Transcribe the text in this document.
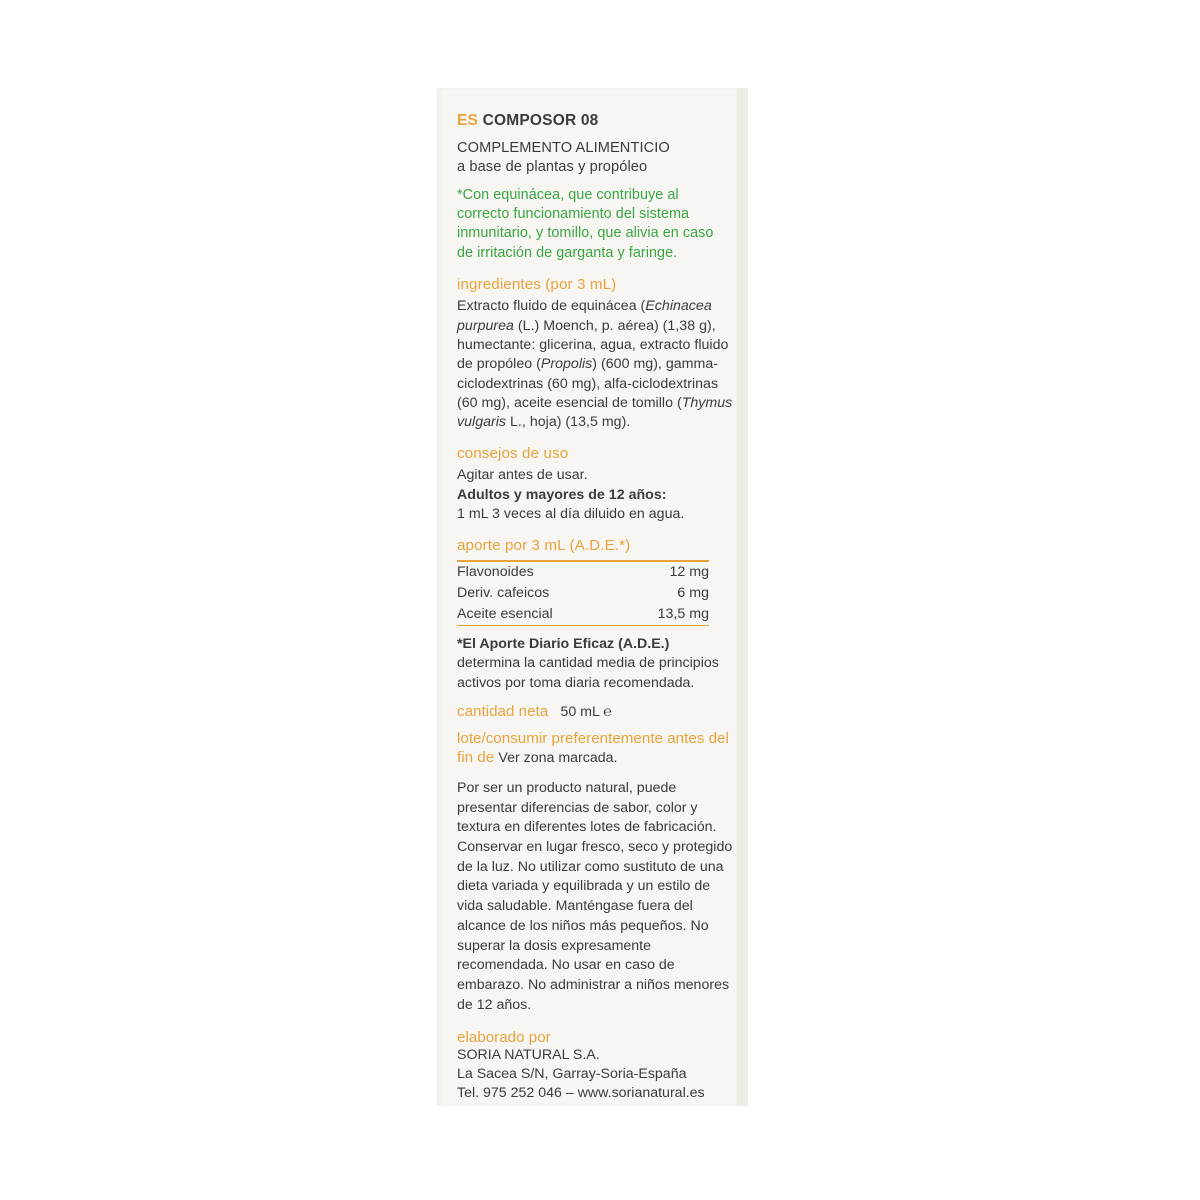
ES COMPOSOR 08
COMPLEMENTO ALIMENTICIO
a base de plantas y propóleo
*Con equinácea, que contribuye al correcto funcionamiento del sistema inmunitario, y tomillo, que alivia en caso de irritación de garganta y faringe.
ingredientes (por 3 mL)
Extracto fluido de equinácea (Echinacea purpurea (L.) Moench, p. aérea) (1,38 g), humectante: glicerina, agua, extracto fluido de propóleo (Propolis) (600 mg), gamma-ciclodextrinas (60 mg), alfa-ciclodextrinas (60 mg), aceite esencial de tomillo (Thymus vulgaris L., hoja) (13,5 mg).
consejos de uso
Agitar antes de usar.
Adultos y mayores de 12 años:
1 mL 3 veces al día diluido en agua.
aporte por 3 mL (A.D.E.*)
Flavonoides	12 mg
Deriv. cafeicos	6 mg
Aceite esencial	13,5 mg
*El Aporte Diario Eficaz (A.D.E.) determina la cantidad media de principios activos por toma diaria recomendada.
cantidad neta 50 mL ℮
lote/consumir preferentemente antes del fin de Ver zona marcada.
Por ser un producto natural, puede presentar diferencias de sabor, color y textura en diferentes lotes de fabricación. Conservar en lugar fresco, seco y protegido de la luz. No utilizar como sustituto de una dieta variada y equilibrada y un estilo de vida saludable. Manténgase fuera del alcance de los niños más pequeños. No superar la dosis expresamente recomendada. No usar en caso de embarazo. No administrar a niños menores de 12 años.
elaborado por
SORIA NATURAL S.A.
La Sacea S/N, Garray-Soria-España
Tel. 975 252 046 – www.sorianatural.es
